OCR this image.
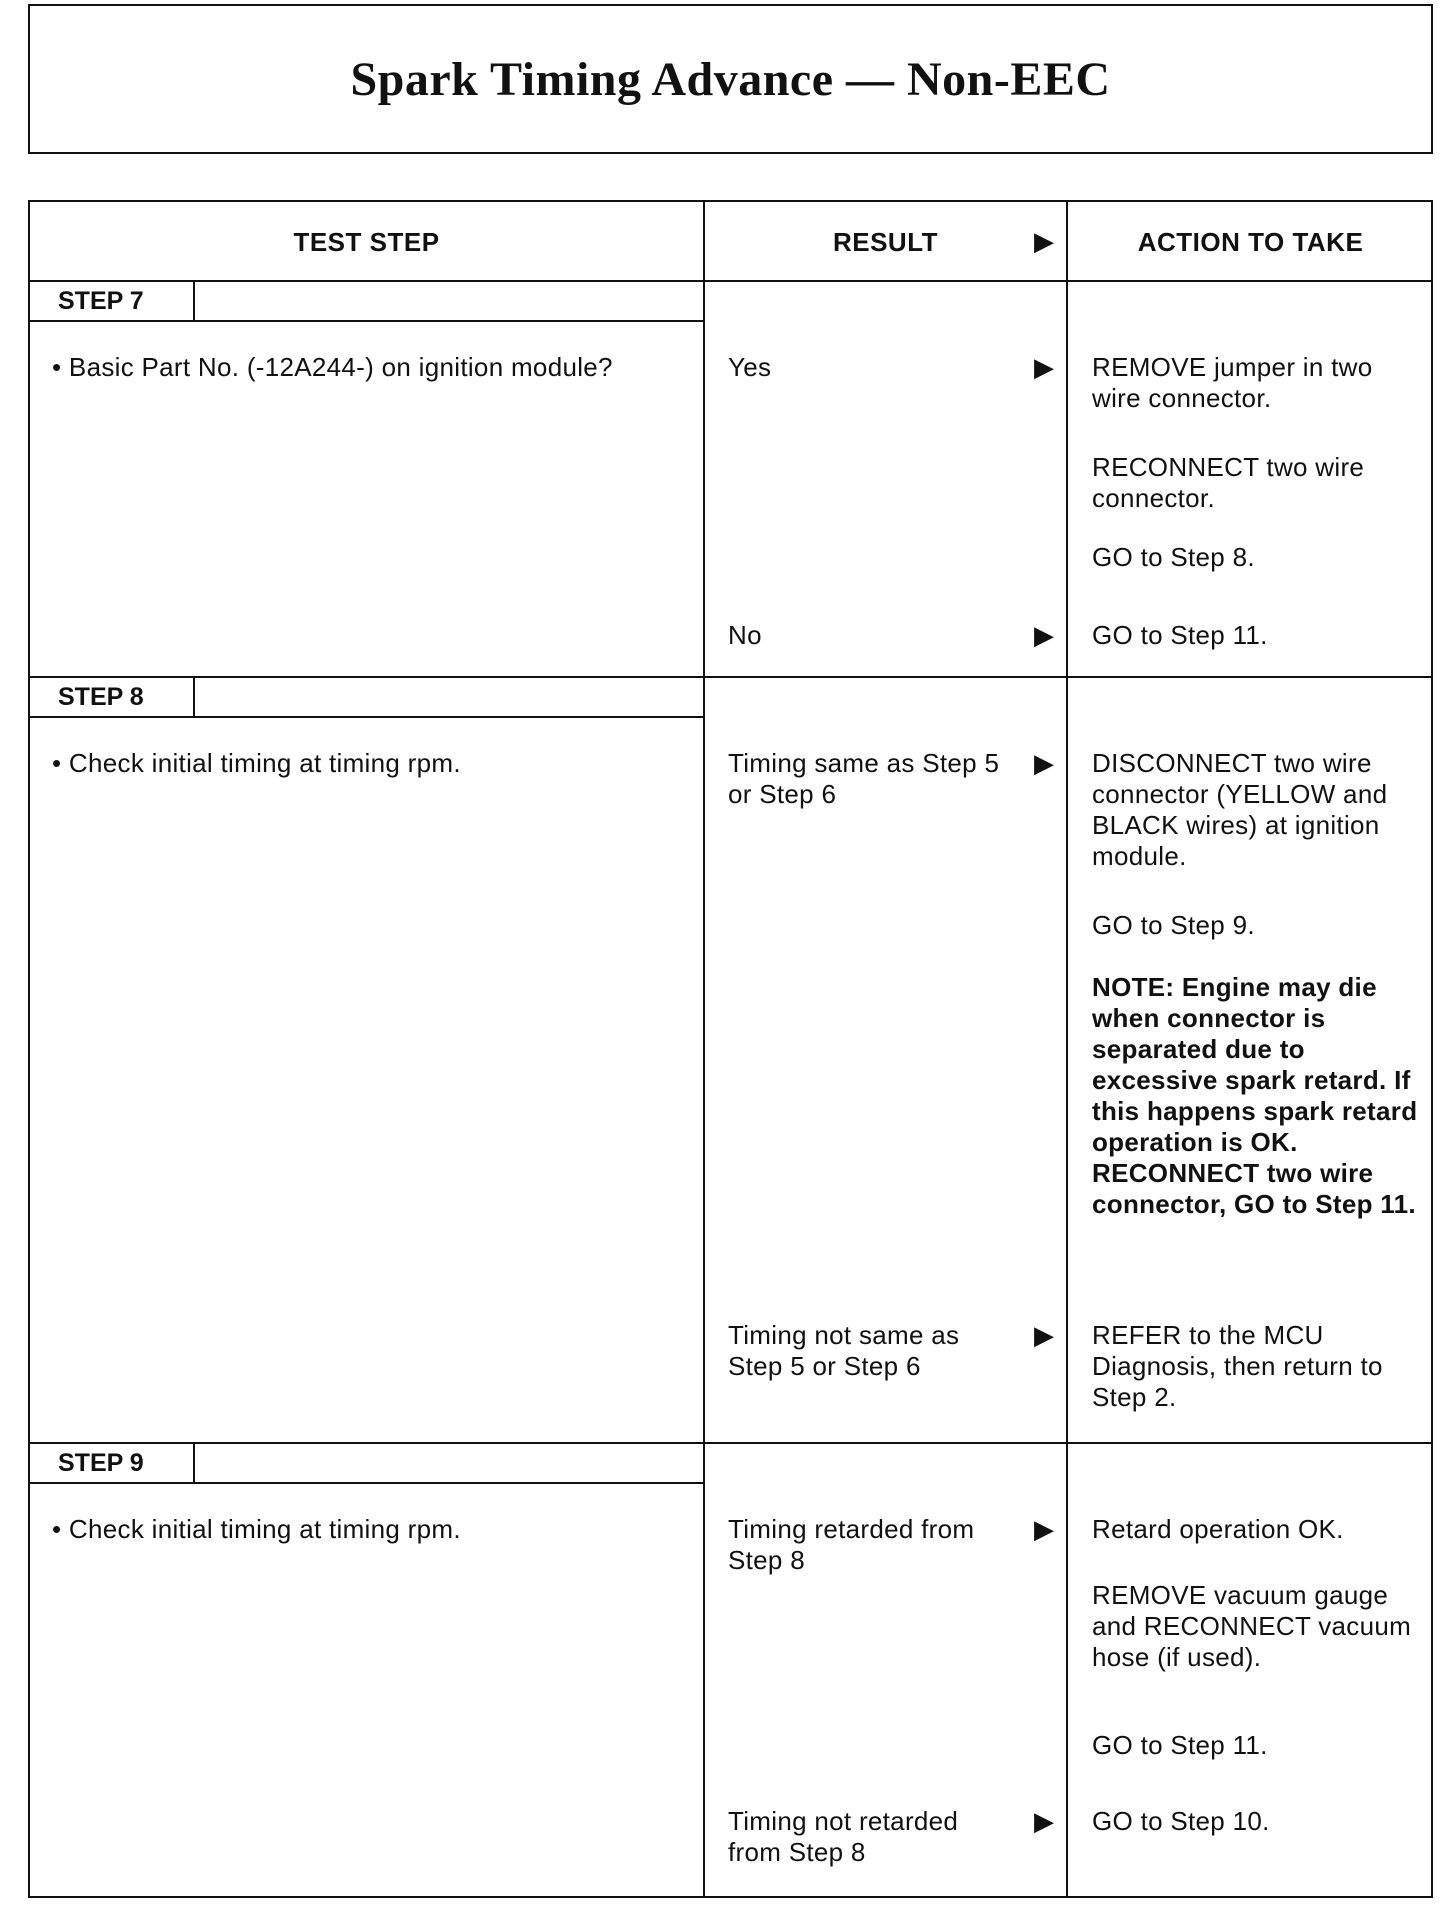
Spark Timing Advance — Non-EEC
TEST STEP	RESULT	▶	ACTION TO TAKE
STEP 7
• Basic Part No. (-12A244-) on ignition module?	Yes	▶ REMOVE jumper in two wire connector.
RECONNECT two wire connector.
GO to Step 8.
No	▶ GO to Step 11.
STEP 8
• Check initial timing at timing rpm.	Timing same as Step 5 or Step 6
▶ DISCONNECT two wire connector (YELLOW and BLACK wires) at ignition module.
GO to Step 9.
NOTE: Engine may die when connector is separated due to excessive spark retard. If this happens spark retard operation is OK. RECONNECT two wire connector, GO to Step 11.
Timing not same as Step 5 or Step 6
▶ REFER to the MCU Diagnosis, then return to Step 2.
STEP 9
• Check initial timing at timing rpm.	Timing retarded from Step 8
▶ Retard operation OK.
REMOVE vacuum gauge and RECONNECT vacuum hose (if used).
GO to Step 11.
Timing not retarded from Step 8
▶ GO to Step 10.
